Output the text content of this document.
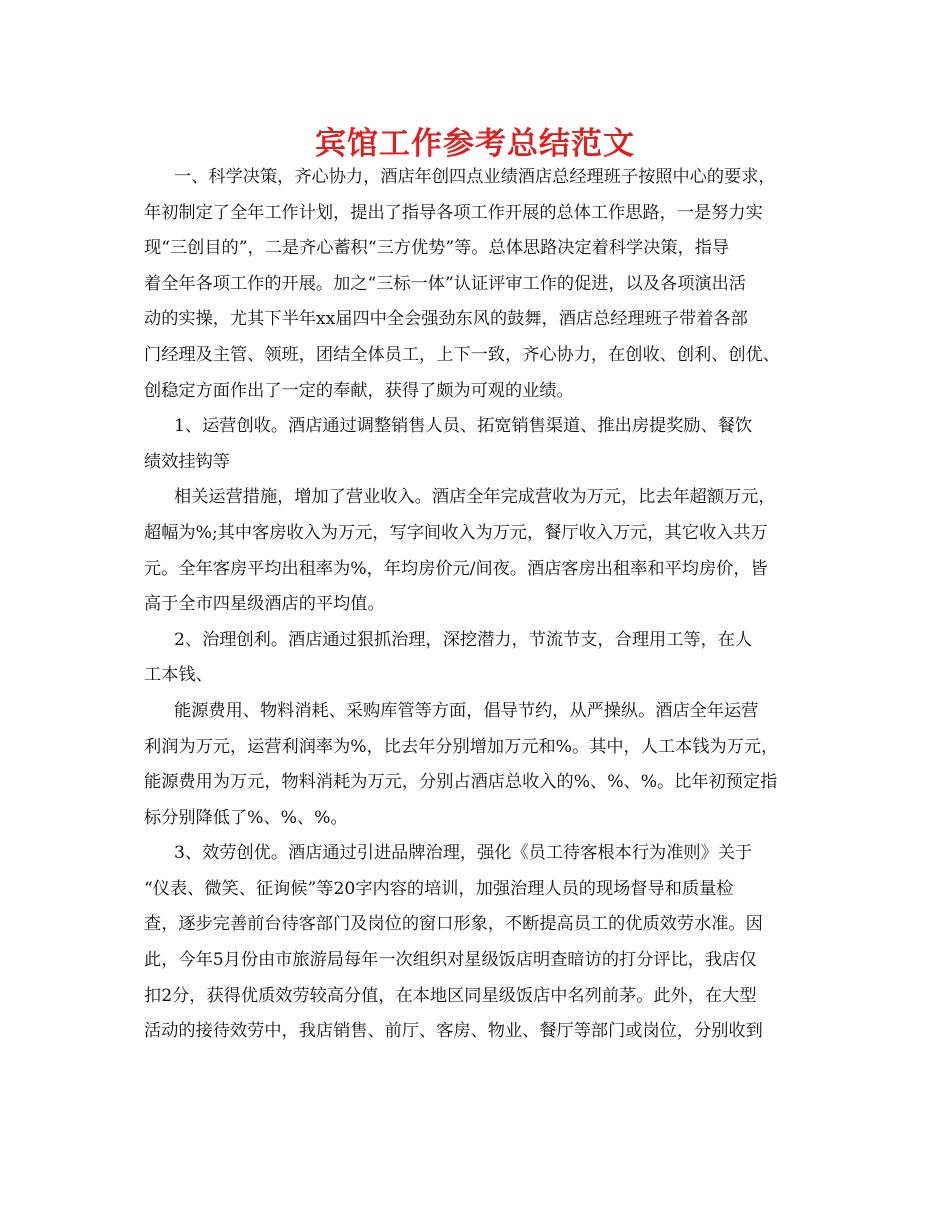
宾馆工作参考总结范文

一、科学决策，齐心协力，酒店年创四点业绩酒店总经理班子按照中心的要求，

年初制定了全年工作计划，提出了指导各项工作开展的总体工作思路，一是努力实

现“三创目的”，二是齐心蓄积“三方优势”等。总体思路决定着科学决策，指导

着全年各项工作的开展。加之“三标一体”认证评审工作的促进，以及各项演出活

动的实操，尤其下半年xx届四中全会强劲东风的鼓舞，酒店总经理班子带着各部

门经理及主管、领班，团结全体员工，上下一致，齐心协力，在创收、创利、创优、

创稳定方面作出了一定的奉献，获得了颇为可观的业绩。

1、运营创收。酒店通过调整销售人员、拓宽销售渠道、推出房提奖励、餐饮

绩效挂钩等

相关运营措施，增加了营业收入。酒店全年完成营收为万元，比去年超额万元，

超幅为%;其中客房收入为万元，写字间收入为万元，餐厅收入万元，其它收入共万

元。全年客房平均出租率为%，年均房价元/间夜。酒店客房出租率和平均房价，皆

高于全市四星级酒店的平均值。

2、治理创利。酒店通过狠抓治理，深挖潜力，节流节支，合理用工等，在人

工本钱、

能源费用、物料消耗、采购库管等方面，倡导节约，从严操纵。酒店全年运营

利润为万元，运营利润率为%，比去年分别增加万元和%。其中，人工本钱为万元，

能源费用为万元，物料消耗为万元，分别占酒店总收入的%、%、%。比年初预定指

标分别降低了%、%、%。

3、效劳创优。酒店通过引进品牌治理，强化《员工待客根本行为准则》关于

“仪表、微笑、征询候”等20字内容的培训，加强治理人员的现场督导和质量检

查，逐步完善前台待客部门及岗位的窗口形象，不断提高员工的优质效劳水准。因

此，今年5月份由市旅游局每年一次组织对星级饭店明查暗访的打分评比，我店仅

扣2分，获得优质效劳较高分值，在本地区同星级饭店中名列前茅。此外，在大型

活动的接待效劳中，我店销售、前厅、客房、物业、餐厅等部门或岗位，分别收到
